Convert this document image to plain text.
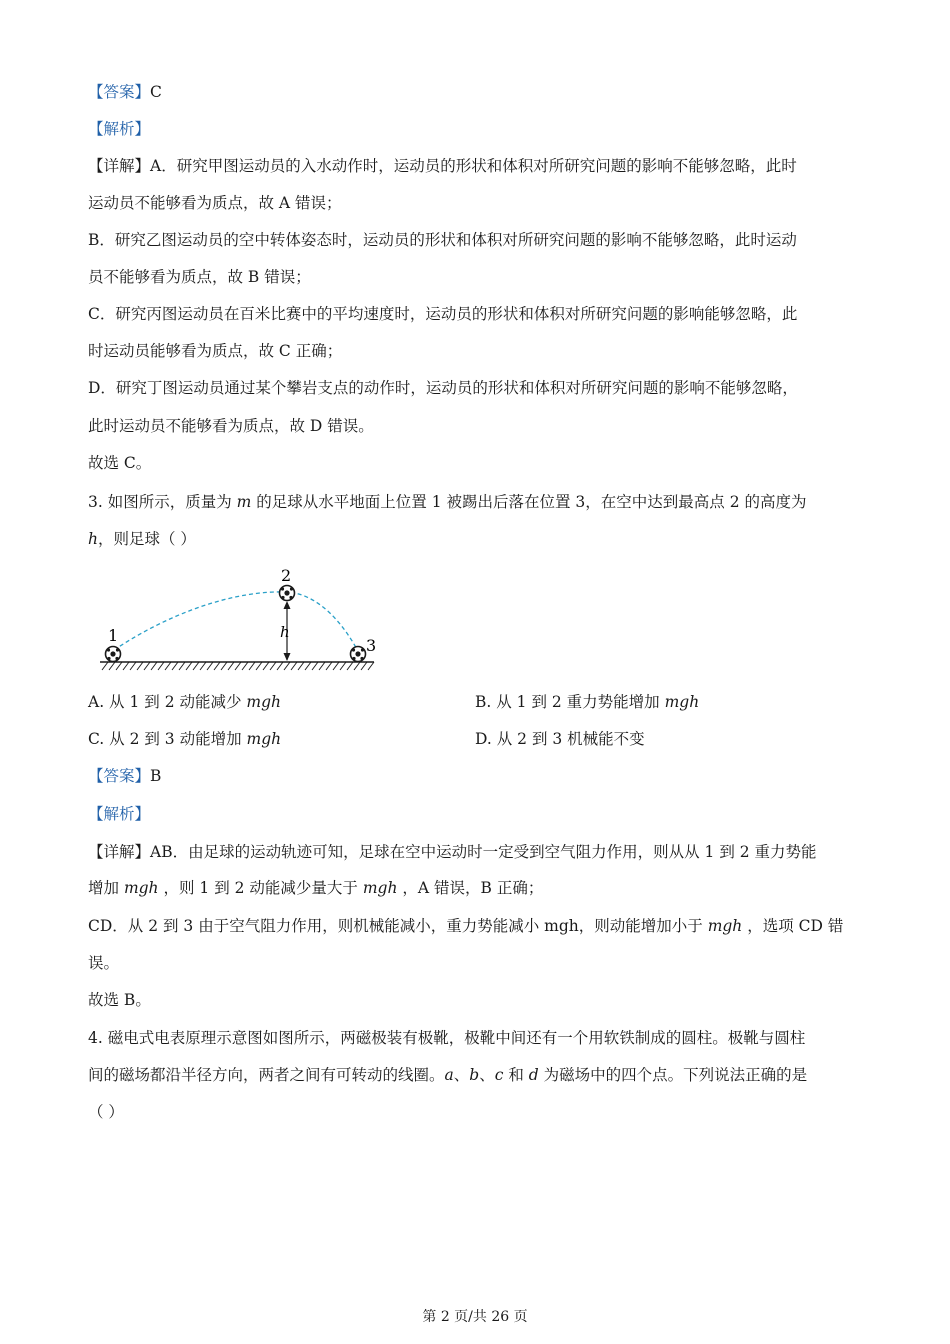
【答案】C
【解析】
【详解】A．研究甲图运动员的入水动作时，运动员的形状和体积对所研究问题的影响不能够忽略，此时
运动员不能够看为质点，故 A 错误；
B．研究乙图运动员的空中转体姿态时，运动员的形状和体积对所研究问题的影响不能够忽略，此时运动
员不能够看为质点，故 B 错误；
C．研究丙图运动员在百米比赛中的平均速度时，运动员的形状和体积对所研究问题的影响能够忽略，此
时运动员能够看为质点，故 C 正确；
D．研究丁图运动员通过某个攀岩支点的动作时，运动员的形状和体积对所研究问题的影响不能够忽略，
此时运动员不能够看为质点，故 D 错误。
故选 C。
3. 如图所示，质量为 m 的足球从水平地面上位置 1 被踢出后落在位置 3，在空中达到最高点 2 的高度为
h，则足球（ ）
h
1
2
3
A. 从 1 到 2 动能减少 mgh	B. 从 1 到 2 重力势能增加 mgh
C. 从 2 到 3 动能增加 mgh	D. 从 2 到 3 机械能不变
【答案】B
【解析】
【详解】AB．由足球的运动轨迹可知，足球在空中运动时一定受到空气阻力作用，则从从 1 到 2 重力势能
增加 mgh ，则 1 到 2 动能减少量大于 mgh ，A 错误，B 正确；
CD．从 2 到 3 由于空气阻力作用，则机械能减小，重力势能减小 mgh，则动能增加小于 mgh ，选项 CD 错
误。
故选 B。
4. 磁电式电表原理示意图如图所示，两磁极装有极靴，极靴中间还有一个用软铁制成的圆柱。极靴与圆柱
间的磁场都沿半径方向，两者之间有可转动的线圈。a、b、c 和 d 为磁场中的四个点。下列说法正确的是
（ ）
第 2 页/共 26 页
